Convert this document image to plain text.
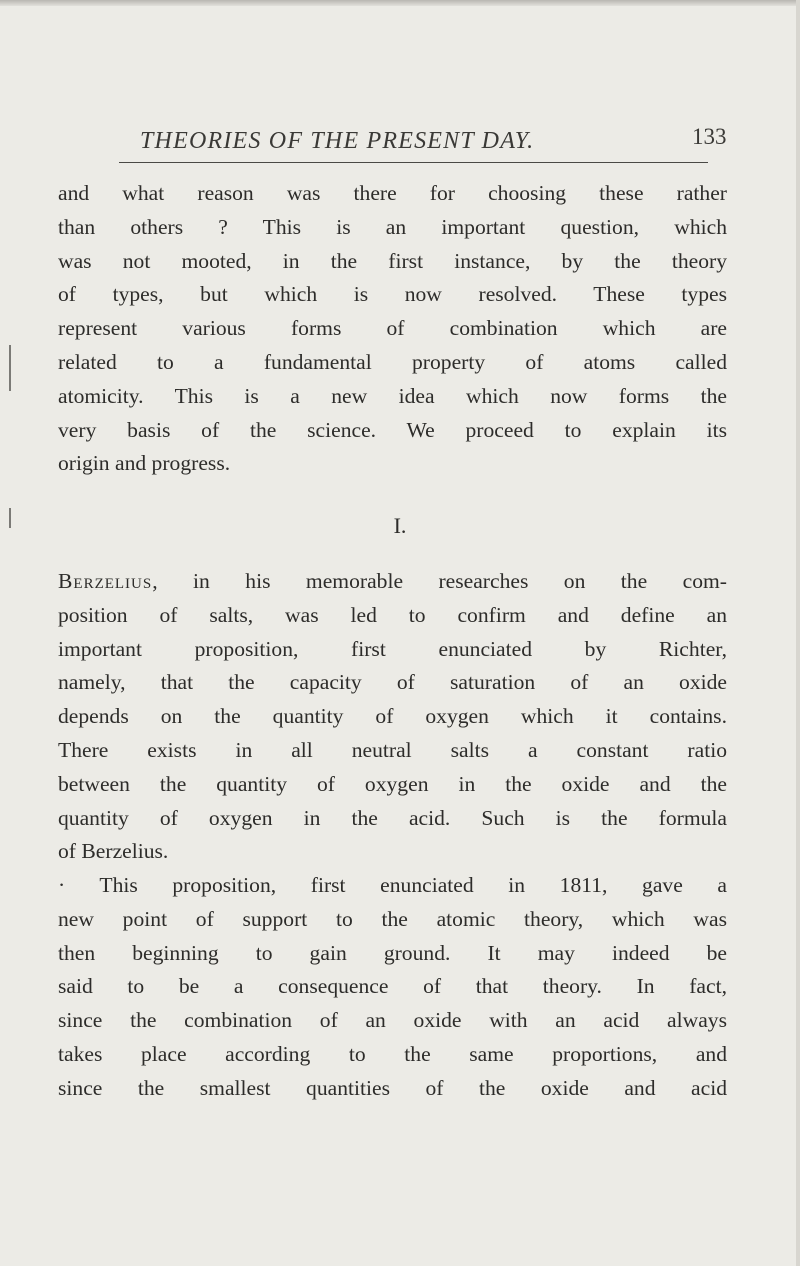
THEORIES OF THE PRESENT DAY.	133
and what reason was there for choosing these rather
than others ? This is an important question, which
was not mooted, in the first instance, by the theory
of types, but which is now resolved. These types
represent various forms of combination which are
related to a fundamental property of atoms called
atomicity. This is a new idea which now forms the
very basis of the science. We proceed to explain its
origin and progress.
I.
Berzelius, in his memorable researches on the com-
position of salts, was led to confirm and define an
important proposition, first enunciated by Richter,
namely, that the capacity of saturation of an oxide
depends on the quantity of oxygen which it contains.
There exists in all neutral salts a constant ratio
between the quantity of oxygen in the oxide and the
quantity of oxygen in the acid. Such is the formula
of Berzelius.
· This proposition, first enunciated in 1811, gave a
new point of support to the atomic theory, which was
then beginning to gain ground. It may indeed be
said to be a consequence of that theory. In fact,
since the combination of an oxide with an acid always
takes place according to the same proportions, and
since the smallest quantities of the oxide and acid
